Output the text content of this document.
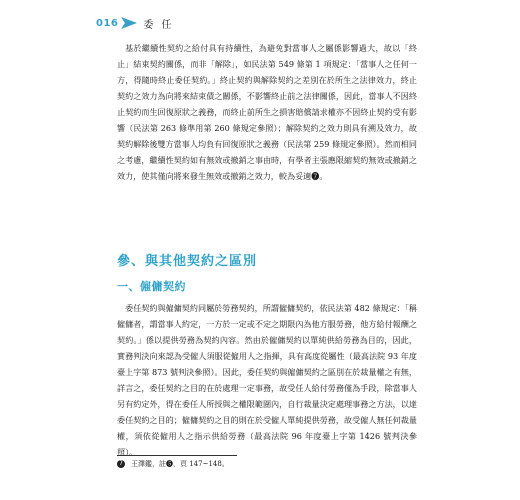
016	委任

基於繼續性契約之給付具有持續性，為避免對當事人之屬係影響過大，故以「終止」結束契約關係，而非「解除」，如民法第 549 條第 1 項規定：「當事人之任何一方，得隨時終止委任契約。」終止契約與解除契約之差別在於所生之法律效力，終止契約之效力為向將來結束債之關係，不影響終止前之法律關係，因此，當事人不因終止契約而生回復原狀之義務，而終止前所生之損害賠償請求權亦不因終止契約受有影響（民法第 263 條準用第 260 條規定參照）；解除契約之效力則具有溯及效力，故契約解除後雙方當事人均負有回復原狀之義務（民法第 259 條規定參照）。然而相同之考慮，繼續性契約如有無效或撤銷之事由時，有學者主張應限縮契約無效或撤銷之效力，使其僅向將來發生無效或撤銷之效力，較為妥適❼。

參、與其他契約之區別
一、僱傭契約

委任契約與僱傭契約同屬於勞務契約，所謂僱傭契約，依民法第 482 條規定：「稱僱傭者，謂當事人約定，一方於一定或不定之期限內為他方服勞務，他方給付報酬之契約。」係以提供勞務為契約內容。然由於僱傭契約以單純供給勞務為目的，因此，實務判決向來認為受僱人須服從僱用人之指揮，具有高度從屬性（最高法院 93 年度臺上字第 873 號判決參照）。因此，委任契約與僱傭契約之區別在於裁量權之有無，詳言之，委任契約之目的在於處理一定事務，故受任人給付勞務僅為手段，除當事人另有約定外，得在委任人所授與之權限範圍內，自行裁量決定處理事務之方法，以達委任契約之目的；僱傭契約之目的則在於受僱人單純提供勞務，故受僱人無任何裁量權，須依從僱用人之指示供給勞務（最高法院 96 年度臺上字第 1426 號判決參照）。

7 王澤鑑，註❺，頁 147~148。
